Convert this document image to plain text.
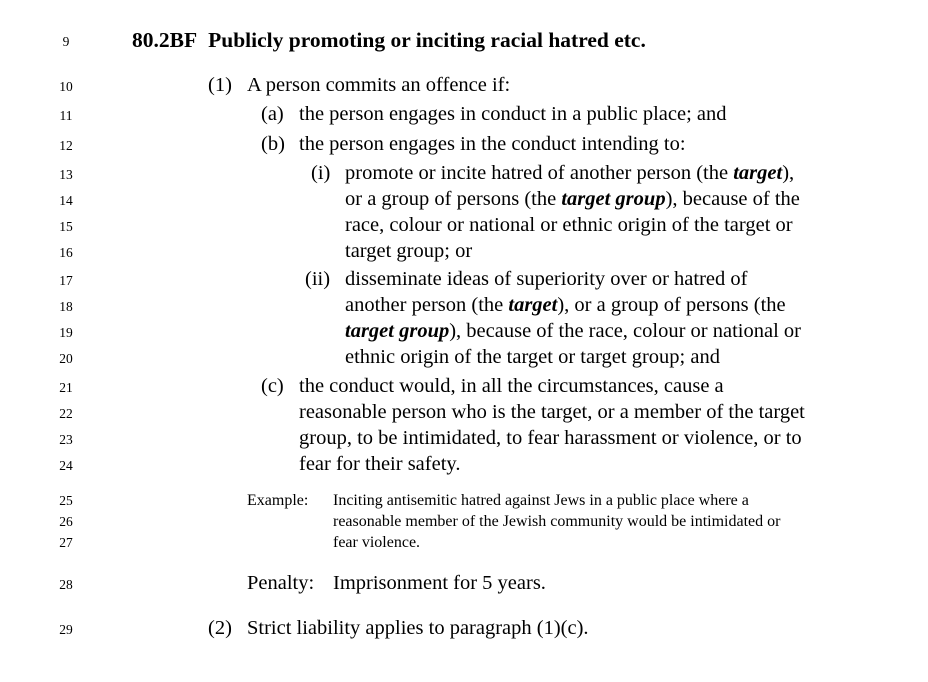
9
10
11
12
13
14
15
16
17
18
19
20
21
22
23
24
25
26
27
28
29
80.2BF Publicly promoting or inciting racial hatred etc.
(1) A person commits an offence if:
(a) the person engages in conduct in a public place; and
(b) the person engages in the conduct intending to:
(i) promote or incite hatred of another person (the target),
or a group of persons (the target group), because of the
race, colour or national or ethnic origin of the target or
target group; or
(ii) disseminate ideas of superiority over or hatred of
another person (the target), or a group of persons (the
target group), because of the race, colour or national or
ethnic origin of the target or target group; and
(c) the conduct would, in all the circumstances, cause a
reasonable person who is the target, or a member of the target
group, to be intimidated, to fear harassment or violence, or to
fear for their safety.
Example: Inciting antisemitic hatred against Jews in a public place where a
reasonable member of the Jewish community would be intimidated or
fear violence.
Penalty: Imprisonment for 5 years.
(2) Strict liability applies to paragraph (1)(c).
